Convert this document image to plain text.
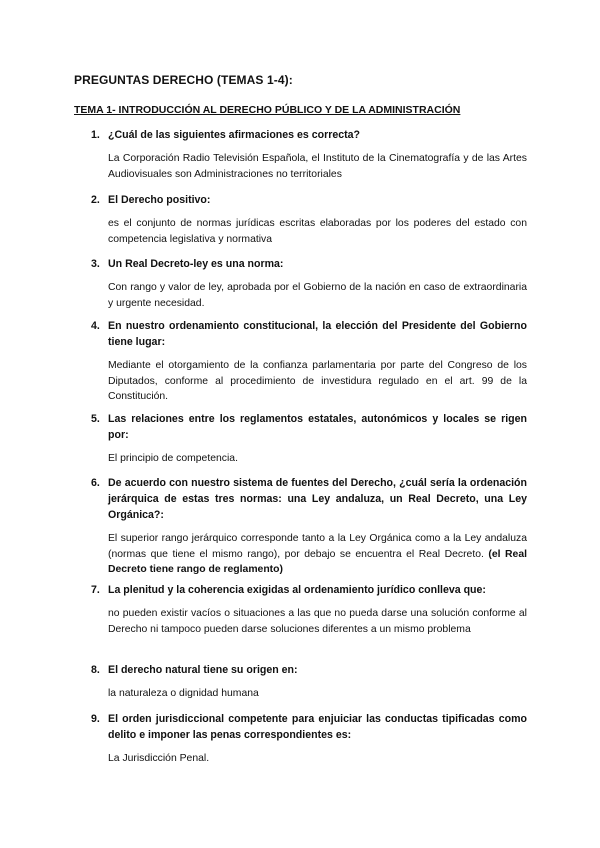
PREGUNTAS DERECHO (TEMAS 1-4):
TEMA 1- INTRODUCCIÓN AL DERECHO PÚBLICO Y DE LA ADMINISTRACIÓN
1. ¿Cuál de las siguientes afirmaciones es correcta?
La Corporación Radio Televisión Española, el Instituto de la Cinematografía y de las Artes Audiovisuales son Administraciones no territoriales
2. El Derecho positivo:
es el conjunto de normas jurídicas escritas elaboradas por los poderes del estado con competencia legislativa y normativa
3. Un Real Decreto-ley es una norma:
Con rango y valor de ley, aprobada por el Gobierno de la nación en caso de extraordinaria y urgente necesidad.
4. En nuestro ordenamiento constitucional, la elección del Presidente del Gobierno tiene lugar:
Mediante el otorgamiento de la confianza parlamentaria por parte del Congreso de los Diputados, conforme al procedimiento de investidura regulado en el art. 99 de la Constitución.
5. Las relaciones entre los reglamentos estatales, autonómicos y locales se rigen por:
El principio de competencia.
6. De acuerdo con nuestro sistema de fuentes del Derecho, ¿cuál sería la ordenación jerárquica de estas tres normas: una Ley andaluza, un Real Decreto, una Ley Orgánica?:
El superior rango jerárquico corresponde tanto a la Ley Orgánica como a la Ley andaluza (normas que tiene el mismo rango), por debajo se encuentra el Real Decreto. (el Real Decreto tiene rango de reglamento)
7. La plenitud y la coherencia exigidas al ordenamiento jurídico conlleva que:
no pueden existir vacíos o situaciones a las que no pueda darse una solución conforme al Derecho ni tampoco pueden darse soluciones diferentes a un mismo problema
8. El derecho natural tiene su origen en:
la naturaleza o dignidad humana
9. El orden jurisdiccional competente para enjuiciar las conductas tipificadas como delito e imponer las penas correspondientes es:
La Jurisdicción Penal.
